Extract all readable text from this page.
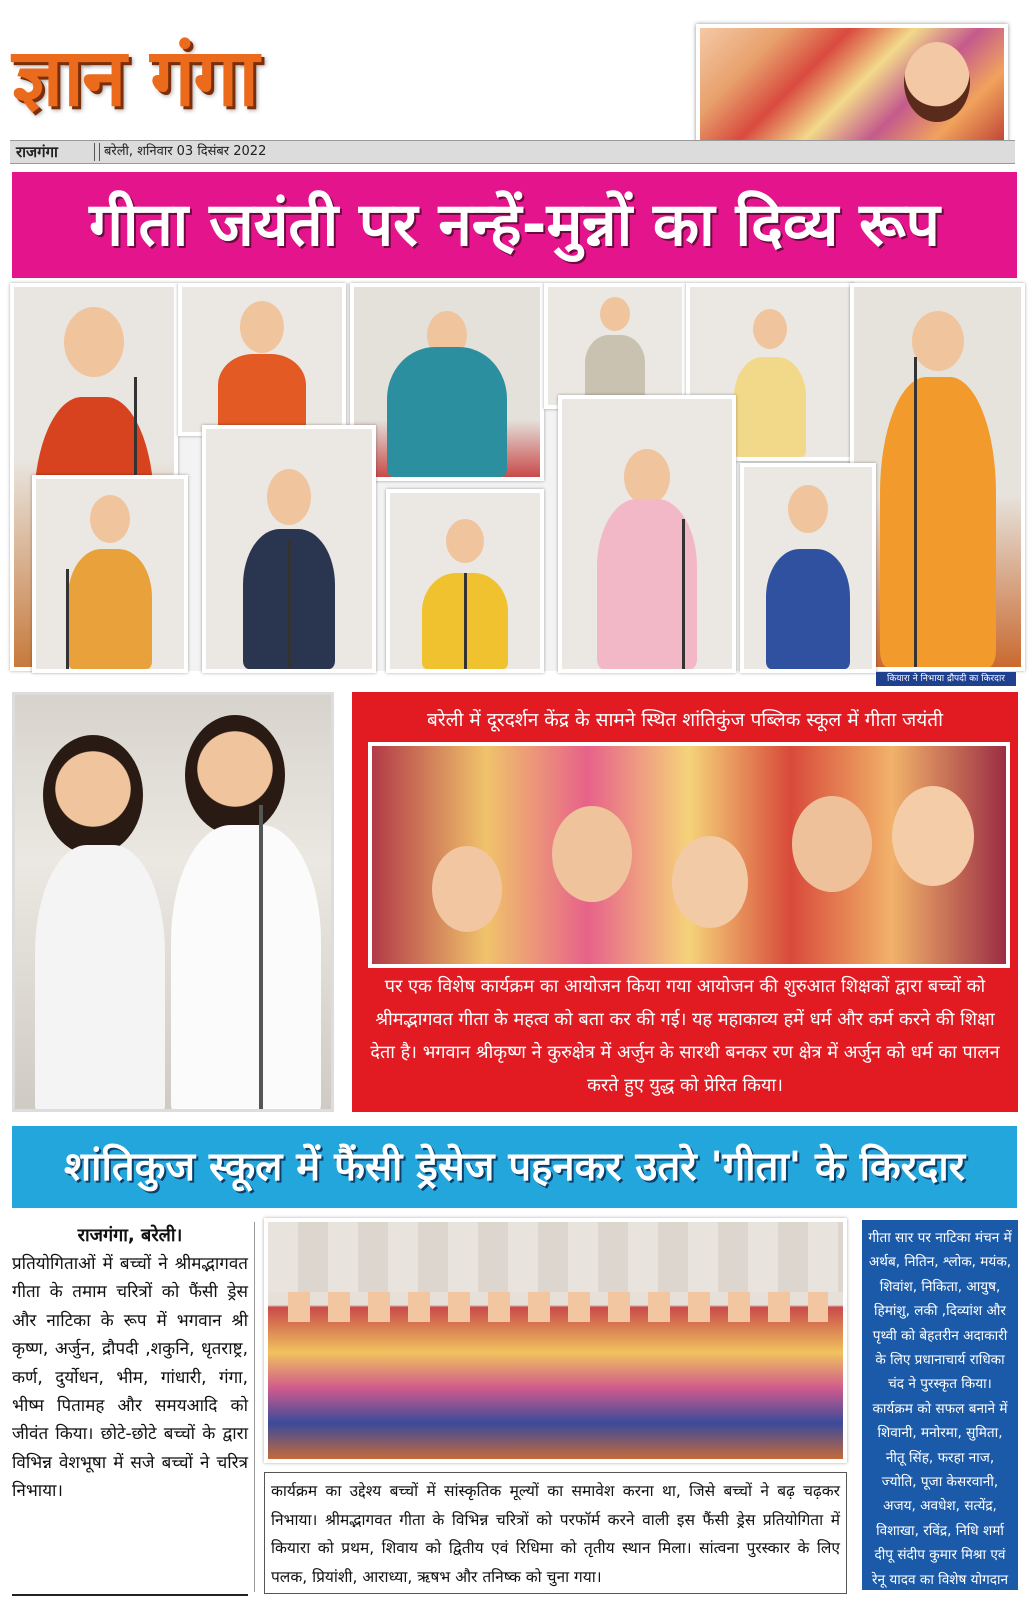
ज्ञान गंगा
राजगंगा	बरेली, शनिवार 03 दिसंबर 2022
गीता जयंती पर नन्हें-मुन्नों का दिव्य रूप
कियारा ने निभाया द्रौपदी का किरदार
बरेली में दूरदर्शन केंद्र के सामने स्थित शांतिकुंज पब्लिक स्कूल में गीता जयंती
पर एक विशेष कार्यक्रम का आयोजन किया गया आयोजन की शुरुआत शिक्षकों द्वारा बच्चों को श्रीमद्भागवत गीता के महत्व को बता कर की गई। यह महाकाव्य हमें धर्म और कर्म करने की शिक्षा देता है। भगवान श्रीकृष्ण ने कुरुक्षेत्र में अर्जुन के सारथी बनकर रण क्षेत्र में अर्जुन को धर्म का पालन करते हुए युद्ध को प्रेरित किया।
शांतिकुज स्कूल में फैंसी ड्रेसेज पहनकर उतरे 'गीता' के किरदार
राजगंगा, बरेली।
प्रतियोगिताओं में बच्चों ने श्रीमद्भागवत गीता के तमाम चरित्रों को फैंसी ड्रेस और नाटिका के रूप में भगवान श्री कृष्ण, अर्जुन, द्रौपदी ,शकुनि, धृतराष्ट्र, कर्ण, दुर्योधन, भीम, गांधारी, गंगा, भीष्म पितामह और समयआदि को जीवंत किया। छोटे-छोटे बच्चों के द्वारा विभिन्न वेशभूषा में सजे बच्चों ने चरित्र निभाया।	कार्यक्रम का उद्देश्य बच्चों में सांस्कृतिक मूल्यों का समावेश करना था, जिसे बच्चों ने बढ़ चढ़कर निभाया। श्रीमद्भागवत गीता के विभिन्न चरित्रों को परफॉर्म करने वाली इस फैंसी ड्रेस प्रतियोगिता में कियारा को प्रथम, शिवाय को द्वितीय एवं रिधिमा को तृतीय स्थान मिला। सांत्वना पुरस्कार के लिए पलक, प्रियांशी, आराध्या, ऋषभ और तनिष्क को चुना गया।
गीता सार पर नाटिका मंचन में अर्थब, नितिन, श्लोक, मयंक, शिवांश, निकिता, आयुष, हिमांशु, लकी ,दिव्यांश और पृथ्वी को बेहतरीन अदाकारी के लिए प्रधानाचार्य राधिका चंद ने पुरस्कृत किया। कार्यक्रम को सफल बनाने में शिवानी, मनोरमा, सुमिता, नीतू सिंह, फरहा नाज, ज्योति, पूजा केसरवानी, अजय, अवधेश, सत्येंद्र, विशाखा, रविंद्र, निधि शर्मा दीपू संदीप कुमार मिश्रा एवं रेनू यादव का विशेष योगदान रहा।
